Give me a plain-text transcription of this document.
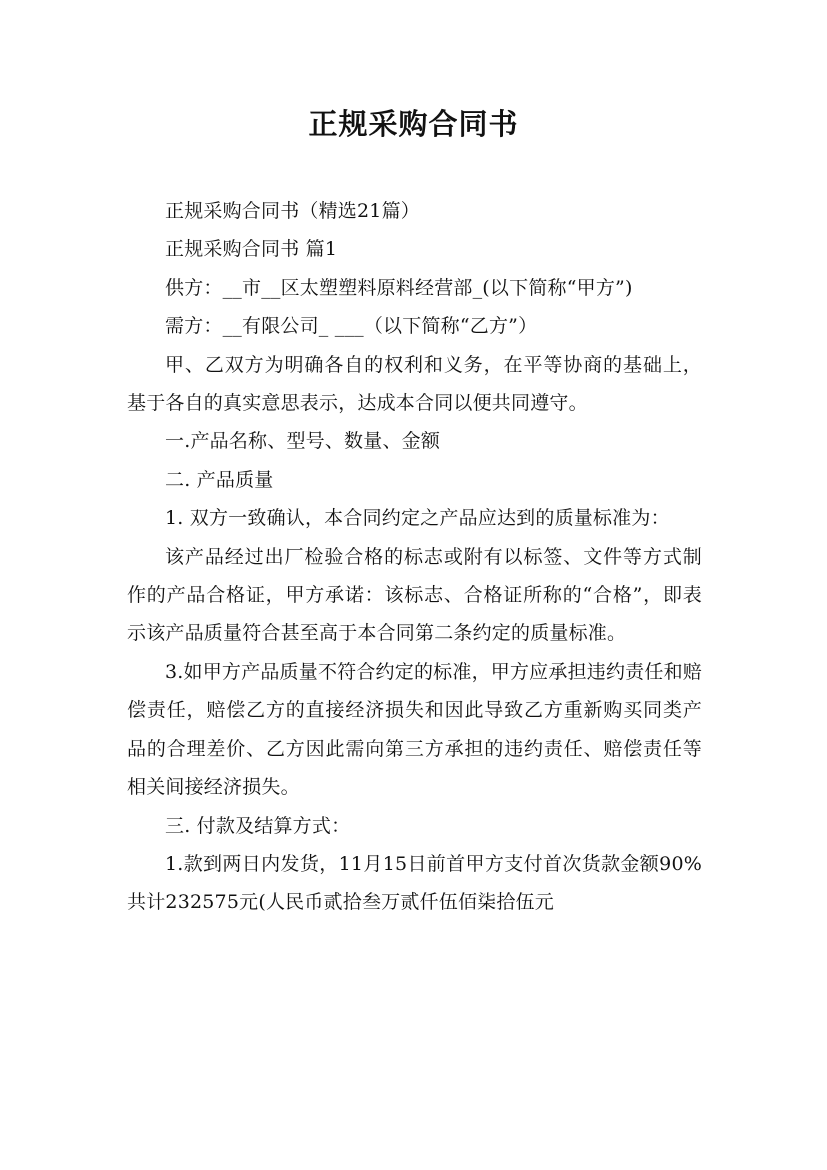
正规采购合同书

正规采购合同书（精选21篇）

正规采购合同书 篇1

供方：__市__区太塑塑料原料经营部_(以下简称“甲方”)

需方：__有限公司_ ___（以下简称“乙方”）

甲、乙双方为明确各自的权利和义务，在平等协商的基础上，基于各自的真实意思表示，达成本合同以便共同遵守。

一.产品名称、型号、数量、金额

二. 产品质量

1. 双方一致确认，本合同约定之产品应达到的质量标准为：

该产品经过出厂检验合格的标志或附有以标签、文件等方式制作的产品合格证，甲方承诺：该标志、合格证所称的“合格”，即表示该产品质量符合甚至高于本合同第二条约定的质量标准。

3.如甲方产品质量不符合约定的标准，甲方应承担违约责任和赔偿责任，赔偿乙方的直接经济损失和因此导致乙方重新购买同类产品的合理差价、乙方因此需向第三方承担的违约责任、赔偿责任等相关间接经济损失。

三. 付款及结算方式：

1.款到两日内发货，11月15日前首甲方支付首次货款金额90%共计232575元(人民币贰拾叁万贰仟伍佰柒拾伍元
